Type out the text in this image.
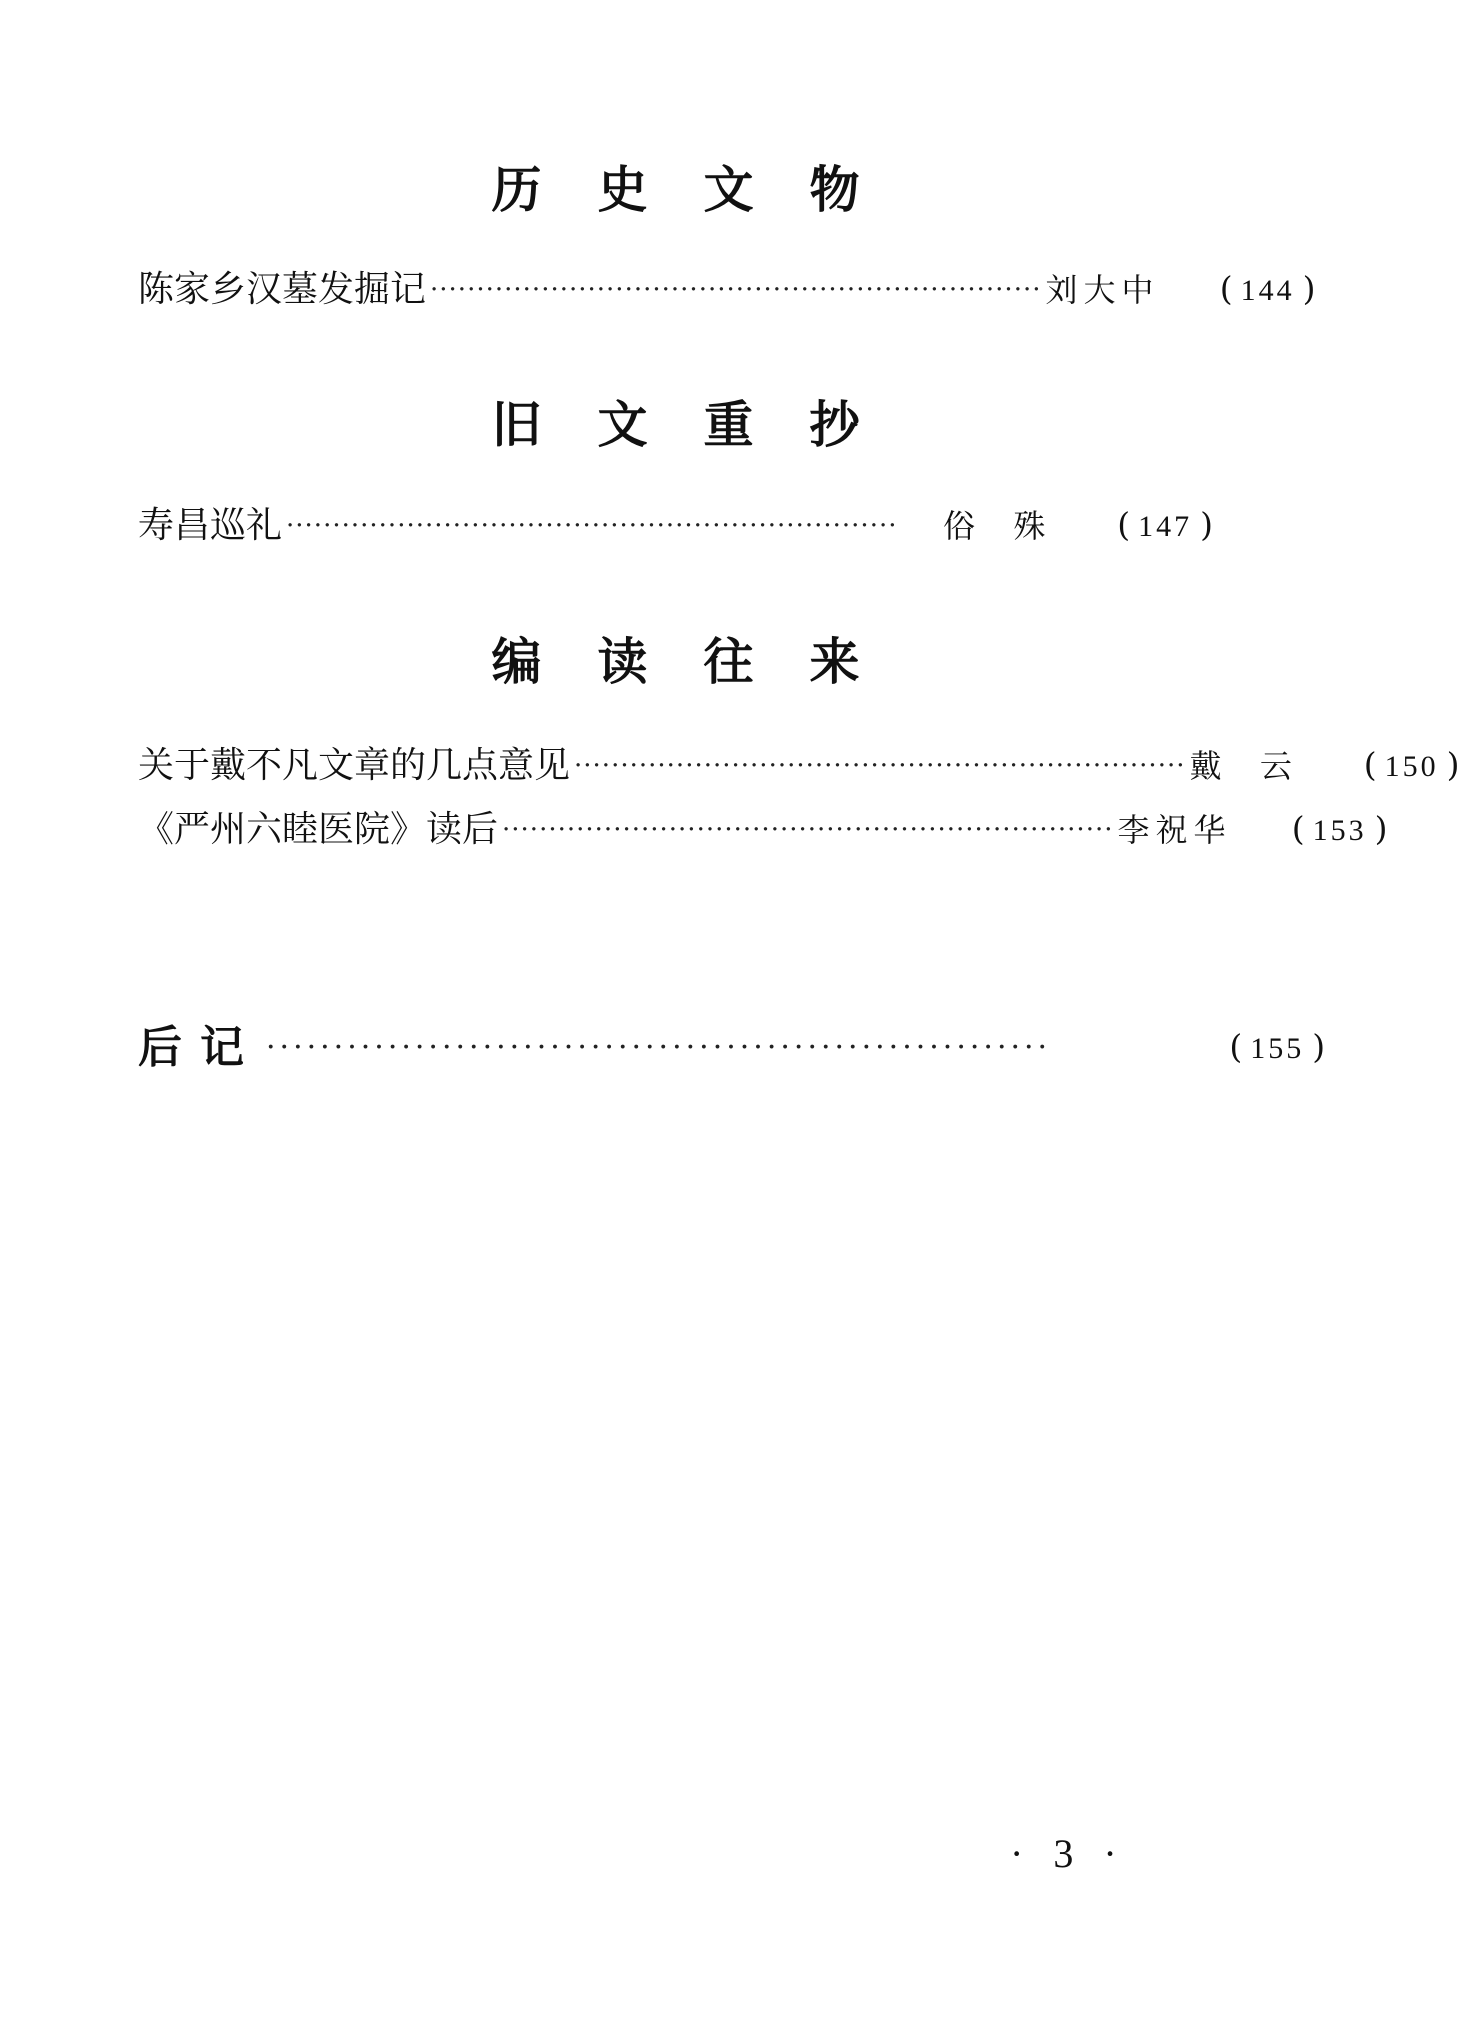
历史文物
陈家乡汉墓发掘记 ·································································· 刘大中	( 144 )
旧文重抄
寿昌巡礼 ··································································	俗  殊	( 147 )
编读往来
关于戴不凡文章的几点意见 ·································································· 戴  云	( 150 )
《严州六睦医院》读后 ·································································· 李祝华	( 153 )
后记 ··························································	( 155 )
· 3 ·
